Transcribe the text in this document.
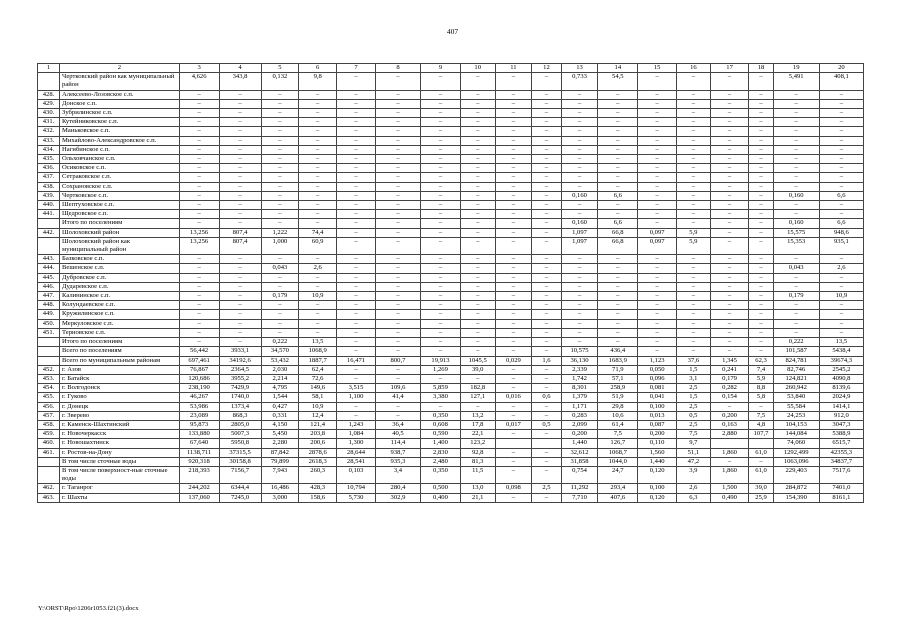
407
1	2	3	4	5	6	7	8	9	10	11	12	13	14	15	16	17	18	19	20
	Чертковский район как муниципальный район	4,626	343,8	0,132	9,8	–	–	–	–	–	–	0,733	54,5	–	–	–	–	5,491	408,1
428.	Алексеево-Лозовское с.п.	–	–	–	–	–	–	–	–	–	–	–	–	–	–	–	–	–	–
429.	Донское с.п.	–	–	–	–	–	–	–	–	–	–	–	–	–	–	–	–	–	–
430.	Зубрилинское с.п.	–	–	–	–	–	–	–	–	–	–	–	–	–	–	–	–	–	–
431.	Кутейниковское с.п.	–	–	–	–	–	–	–	–	–	–	–	–	–	–	–	–	–	–
432.	Маньковское с.п.	–	–	–	–	–	–	–	–	–	–	–	–	–	–	–	–	–	–
433.	Михайлово-Александровское с.п.	–	–	–	–	–	–	–	–	–	–	–	–	–	–	–	–	–	–
434.	Нагибинское с.п.	–	–	–	–	–	–	–	–	–	–	–	–	–	–	–	–	–	–
435.	Ольховчанское с.п.	–	–	–	–	–	–	–	–	–	–	–	–	–	–	–	–	–	–
436.	Осиковское с.п.	–	–	–	–	–	–	–	–	–	–	–	–	–	–	–	–	–	–
437.	Сетраковское с.п.	–	–	–	–	–	–	–	–	–	–	–	–	–	–	–	–	–	–
438.	Сохрановское с.п.	–	–	–	–	–	–	–	–	–	–	–	–	–	–	–	–	–	–
439.	Чертковское с.п.	–	–	–	–	–	–	–	–	–	–	0,160	6,6	–	–	–	–	0,160	6,6
440.	Шептуховское с.п.	–	–	–	–	–	–	–	–	–	–	–	–	–	–	–	–	–	–
441.	Щедровское с.п.	–	–	–	–	–	–	–	–	–	–	–	–	–	–	–	–	–	–
	Итого по поселениям	–	–	–	–	–	–	–	–	–	–	0,160	6,6	–	–	–	–	0,160	6,6
442.	Шолоховский район	13,256	807,4	1,222	74,4	–	–	–	–	–	–	1,097	66,8	0,097	5,9	–	–	15,575	948,6
	Шолоховский район как муниципальный район	13,256	807,4	1,000	60,9	–	–	–	–	–	–	1,097	66,8	0,097	5,9	–	–	15,353	935,1
443.	Базковское с.п.	–	–	–	–	–	–	–	–	–	–	–	–	–	–	–	–	–	–
444.	Вешенское с.п.	–	–	0,043	2,6	–	–	–	–	–	–	–	–	–	–	–	–	0,043	2,6
445.	Дубровское с.п.	–	–	–	–	–	–	–	–	–	–	–	–	–	–	–	–	–	–
446.	Дударевское с.п.	–	–	–	–	–	–	–	–	–	–	–	–	–	–	–	–	–	–
447.	Калининское с.п.	–	–	0,179	10,9	–	–	–	–	–	–	–	–	–	–	–	–	0,179	10,9
448.	Колундаевское с.п.	–	–	–	–	–	–	–	–	–	–	–	–	–	–	–	–	–	–
449.	Кружилинское с.п.	–	–	–	–	–	–	–	–	–	–	–	–	–	–	–	–	–	–
450.	Меркуловское с.п.	–	–	–	–	–	–	–	–	–	–	–	–	–	–	–	–	–	–
451.	Терновское с.п.	–	–	–	–	–	–	–	–	–	–	–	–	–	–	–	–	–	–
	Итого по поселениям	–	–	0,222	13,5	–	–	–	–	–	–	–	–	–	–	–	–	0,222	13,5
	Всего по поселениям	56,442	3933,1	34,570	1068,9	–	–	–	–	–	–	10,575	436,4	–	–	–	–	101,587	5438,4
	Всего по муниципальным районам	697,461	34192,6	53,432	1887,7	16,471	800,7	19,913	1045,5	0,029	1,6	36,130	1683,9	1,123	37,6	1,345	62,3	824,781	39674,3
452.	г. Азов	76,867	2364,5	2,030	62,4	–	–	1,269	39,0	–	–	2,339	71,9	0,050	1,5	0,241	7,4	82,746	2545,2
453.	г. Батайск	120,686	3955,2	2,214	72,6	–	–	–	–	–	–	1,742	57,1	0,096	3,1	0,179	5,9	124,821	4090,8
454.	г. Волгодонск	238,190	7429,9	4,795	149,6	3,515	109,6	5,859	182,8	–	–	8,301	258,9	0,081	2,5	0,282	8,8	260,942	8139,6
455.	г. Гуково	46,267	1740,0	1,544	58,1	1,100	41,4	3,380	127,1	0,016	0,6	1,379	51,9	0,041	1,5	0,154	5,8	53,840	2024,9
456.	г. Донецк	53,986	1373,4	0,427	10,9	–	–	–	–	–	–	1,171	29,8	0,100	2,5	–	–	55,584	1414,1
457.	г. Зверево	23,089	868,3	0,331	12,4	–	–	0,350	13,2	–	–	0,283	10,6	0,013	0,5	0,200	7,5	24,253	912,0
458.	г. Каменск-Шахтинский	95,873	2805,0	4,150	121,4	1,243	36,4	0,608	17,8	0,017	0,5	2,099	61,4	0,087	2,5	0,163	4,8	104,153	3047,3
459.	г. Новочеркасск	133,880	5007,3	5,450	203,8	1,084	40,5	0,590	22,1	–	–	0,200	7,5	0,200	7,5	2,880	107,7	144,084	5388,9
460.	г. Новошахтинск	67,640	5950,8	2,280	200,6	1,300	114,4	1,400	123,2			1,440	126,7	0,110	9,7			74,060	6515,7
461.	г. Ростов-на-Дону	1138,711	37315,5	87,842	2878,6	28,644	938,7	2,830	92,8	–	–	32,612	1068,7	1,560	51,1	1,860	61,0	1292,499	42355,3
	В том числе сточные воды	920,318	30158,8	79,899	2618,3	28,541	935,3	2,480	81,3	–	–	31,858	1044,0	1,440	47,2	–	–	1063,096	34837,7
	В том числе поверхност-ные сточные воды	218,393	7156,7	7,943	260,3	0,103	3,4	0,350	11,5	–	–	0,754	24,7	0,120	3,9	1,860	61,0	229,403	7517,6
462.	г. Таганрог	244,202	6344,4	16,486	428,3	10,794	280,4	0,500	13,0	0,098	2,5	11,292	293,4	0,100	2,6	1,500	39,0	284,872	7401,0
463.	г. Шахты	137,060	7245,0	3,000	158,6	5,730	302,9	0,400	21,1	–	–	7,710	407,6	0,120	6,3	0,490	25,9	154,390	8161,1
Y:\ORST\Rpo\1206r1053.f21(3).docx
